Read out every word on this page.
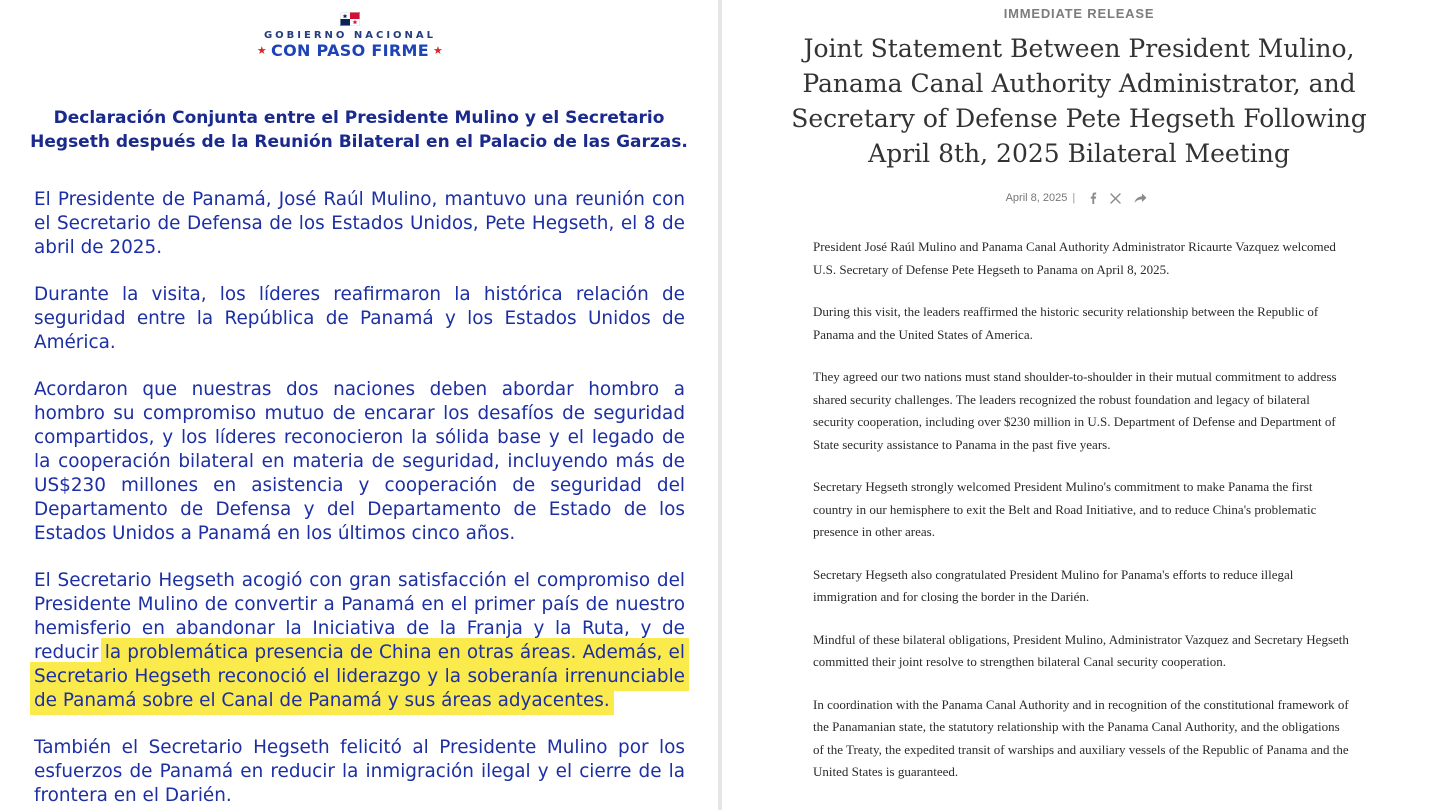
GOBIERNO NACIONAL
★ CON PASO FIRME ★
Declaración Conjunta entre el Presidente Mulino y el Secretario Hegseth después de la Reunión Bilateral en el Palacio de las Garzas.

El Presidente de Panamá, José Raúl Mulino, mantuvo una reunión con el Secretario de Defensa de los Estados Unidos, Pete Hegseth, el 8 de abril de 2025.

Durante la visita, los líderes reafirmaron la histórica relación de seguridad entre la República de Panamá y los Estados Unidos de América.

Acordaron que nuestras dos naciones deben abordar hombro a hombro su compromiso mutuo de encarar los desafíos de seguridad compartidos, y los líderes reconocieron la sólida base y el legado de la cooperación bilateral en materia de seguridad, incluyendo más de US$230 millones en asistencia y cooperación de seguridad del Departamento de Defensa y del Departamento de Estado de los Estados Unidos a Panamá en los últimos cinco años.

El Secretario Hegseth acogió con gran satisfacción el compromiso del Presidente Mulino de convertir a Panamá en el primer país de nuestro hemisferio en abandonar la Iniciativa de la Franja y la Ruta, y de reducir la problemática presencia de China en otras áreas. Además, el Secretario Hegseth reconoció el liderazgo y la soberanía irrenunciable de Panamá sobre el Canal de Panamá y sus áreas adyacentes.

También el Secretario Hegseth felicitó al Presidente Mulino por los esfuerzos de Panamá en reducir la inmigración ilegal y el cierre de la frontera en el Darién.

IMMEDIATE RELEASE
Joint Statement Between President Mulino, Panama Canal Authority Administrator, and Secretary of Defense Pete Hegseth Following April 8th, 2025 Bilateral Meeting
April 8, 2025 |

President José Raúl Mulino and Panama Canal Authority Administrator Ricaurte Vazquez welcomed U.S. Secretary of Defense Pete Hegseth to Panama on April 8, 2025.

During this visit, the leaders reaffirmed the historic security relationship between the Republic of Panama and the United States of America.

They agreed our two nations must stand shoulder-to-shoulder in their mutual commitment to address shared security challenges. The leaders recognized the robust foundation and legacy of bilateral security cooperation, including over $230 million in U.S. Department of Defense and Department of State security assistance to Panama in the past five years.

Secretary Hegseth strongly welcomed President Mulino's commitment to make Panama the first country in our hemisphere to exit the Belt and Road Initiative, and to reduce China's problematic presence in other areas.

Secretary Hegseth also congratulated President Mulino for Panama's efforts to reduce illegal immigration and for closing the border in the Darién.

Mindful of these bilateral obligations, President Mulino, Administrator Vazquez and Secretary Hegseth committed their joint resolve to strengthen bilateral Canal security cooperation.

In coordination with the Panama Canal Authority and in recognition of the constitutional framework of the Panamanian state, the statutory relationship with the Panama Canal Authority, and the obligations of the Treaty, the expedited transit of warships and auxiliary vessels of the Republic of Panama and the United States is guaranteed.
